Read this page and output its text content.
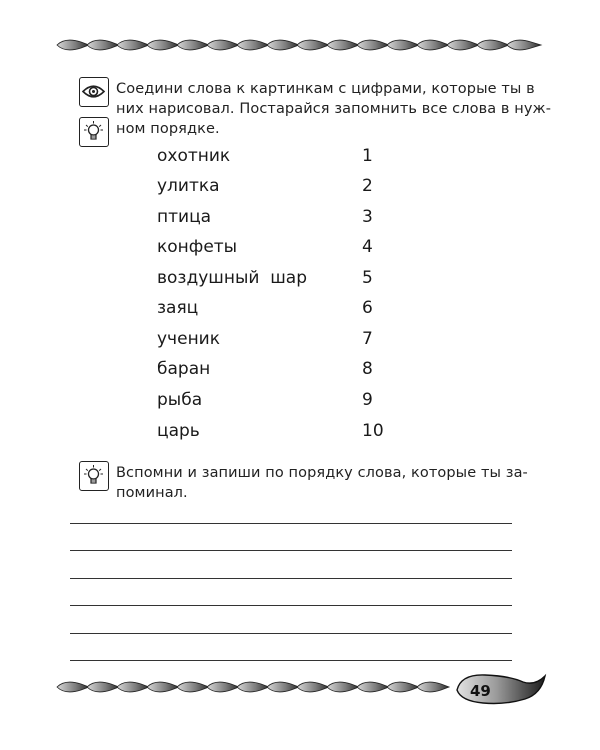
Соедини слова к картинкам с цифрами, которые ты в
них нарисовал. Постарайся запомнить все слова в нуж-
ном порядке.
охотник	1
улитка	2
птица	3
конфеты	4
воздушный  шар	5
заяц	6
ученик	7
баран	8
рыба	9
царь	10
Вспомни и запиши по порядку слова, которые ты за-
поминал.
49
